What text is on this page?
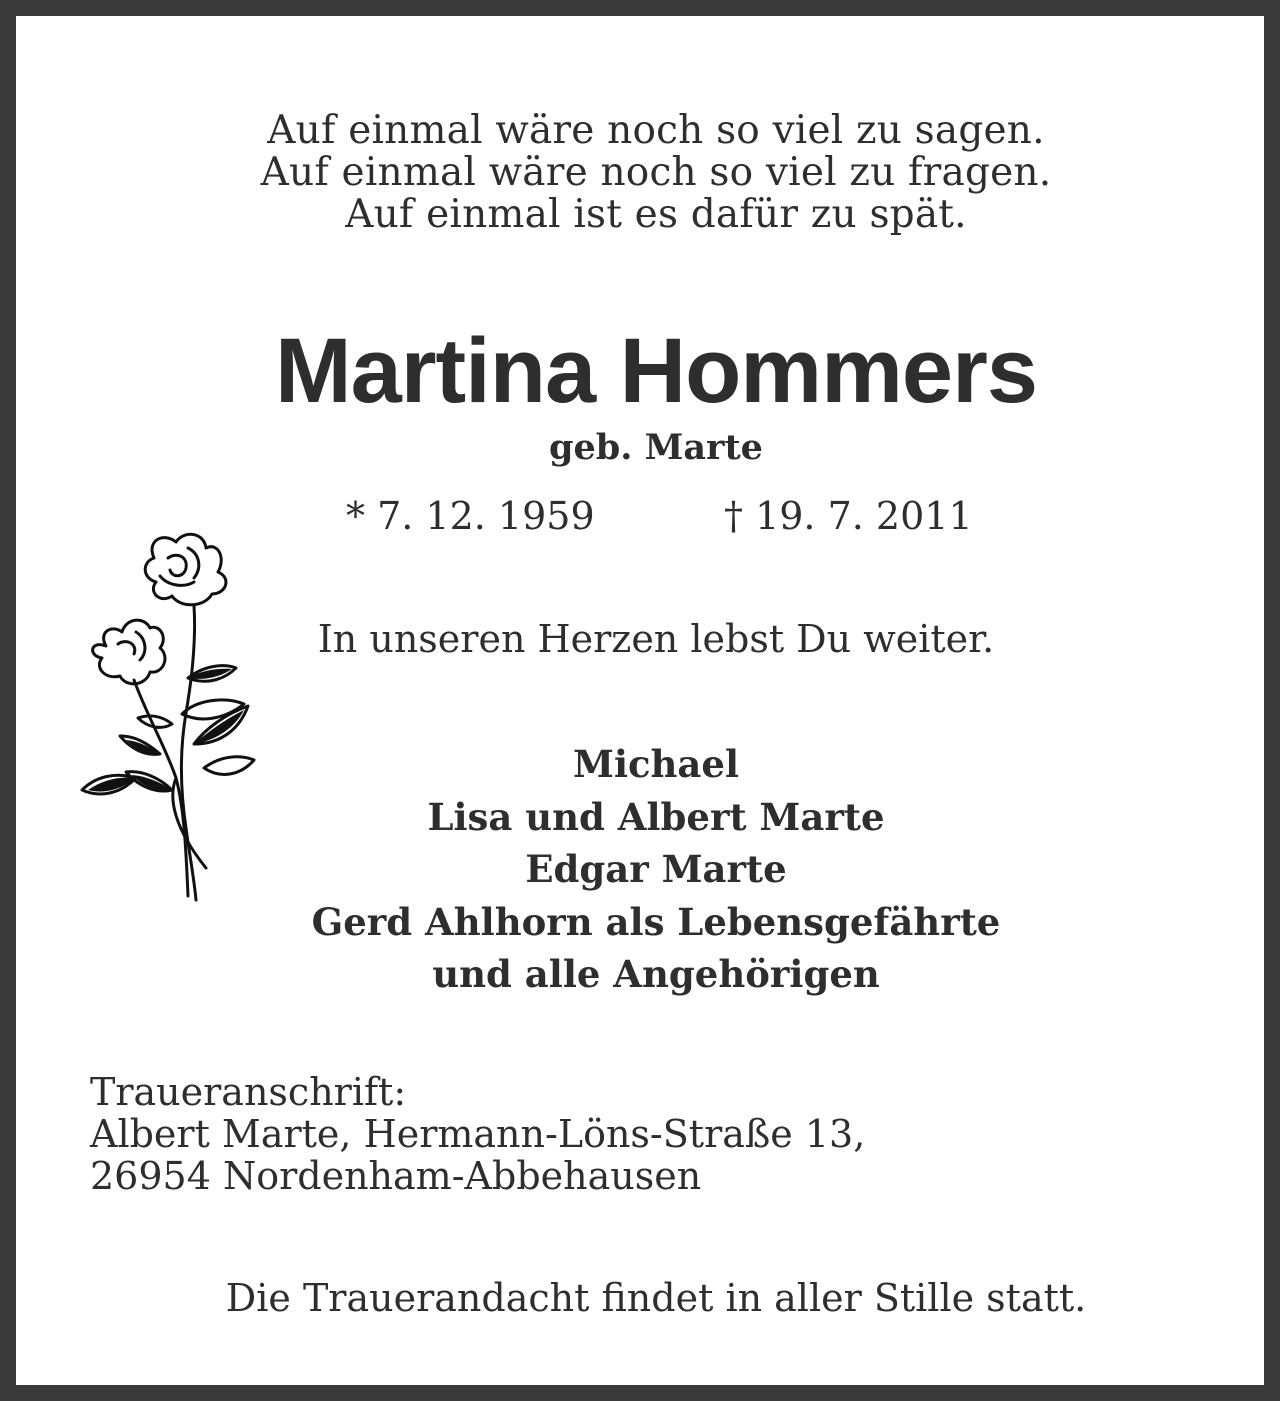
Auf einmal wäre noch so viel zu sagen.
Auf einmal wäre noch so viel zu fragen.
Auf einmal ist es dafür zu spät.
Martina Hommers
geb. Marte
* 7. 12. 1959	† 19. 7. 2011
In unseren Herzen lebst Du weiter.
Michael
Lisa und Albert Marte
Edgar Marte
Gerd Ahlhorn als Lebensgefährte
und alle Angehörigen
Traueranschrift:
Albert Marte, Hermann-Löns-Straße 13,
26954 Nordenham-Abbehausen
Die Trauerandacht findet in aller Stille statt.
